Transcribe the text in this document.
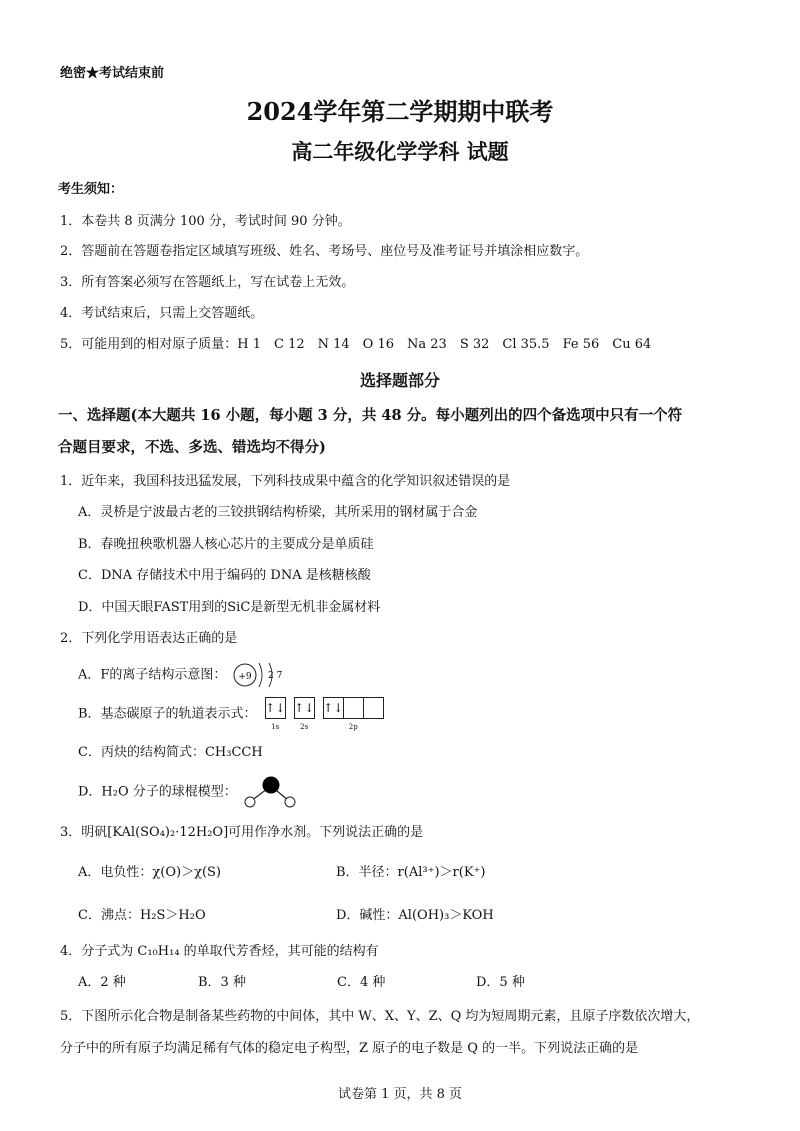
绝密★考试结束前
2024学年第二学期期中联考
高二年级化学学科 试题
考生须知：
1．本卷共 8 页满分 100 分，考试时间 90 分钟。
2．答题前在答题卷指定区域填写班级、姓名、考场号、座位号及准考证号并填涂相应数字。
3．所有答案必须写在答题纸上，写在试卷上无效。
4．考试结束后，只需上交答题纸。
5．可能用到的相对原子质量：H 1　C 12　N 14　O 16　Na 23　S 32　Cl 35.5　Fe 56　Cu 64
选择题部分
一、选择题(本大题共 16 小题，每小题 3 分，共 48 分。每小题列出的四个备选项中只有一个符
合题目要求，不选、多选、错选均不得分)
1．近年来，我国科技迅猛发展，下列科技成果中蕴含的化学知识叙述错误的是
A．灵桥是宁波最古老的三铰拱钢结构桥梁，其所采用的钢材属于合金
B．春晚扭秧歌机器人核心芯片的主要成分是单质硅
C．DNA 存储技术中用于编码的 DNA 是核糖核酸
D．中国天眼FAST用到的SiC是新型无机非金属材料
2．下列化学用语表达正确的是
A．F的离子结构示意图： +9 2 7
B．基态碳原子的轨道表示式： ↑↓
1s
↑↓
2s
↑↓
2p
C．丙炔的结构简式：CH₃CCH
D．H₂O 分子的球棍模型：
3．明矾[KAl(SO₄)₂·12H₂O]可用作净水剂。下列说法正确的是
A．电负性：χ(O)＞χ(S)	B．半径：r(Al³⁺)＞r(K⁺)
C．沸点：H₂S＞H₂O	D．碱性：Al(OH)₃＞KOH
4．分子式为 C₁₀H₁₄ 的单取代芳香烃，其可能的结构有
A．2 种	B．3 种	C．4 种	D．5 种
5．下图所示化合物是制备某些药物的中间体，其中 W、X、Y、Z、Q 均为短周期元素，且原子序数依次增大，
分子中的所有原子均满足稀有气体的稳定电子构型，Z 原子的电子数是 Q 的一半。下列说法正确的是
试卷第 1 页，共 8 页
